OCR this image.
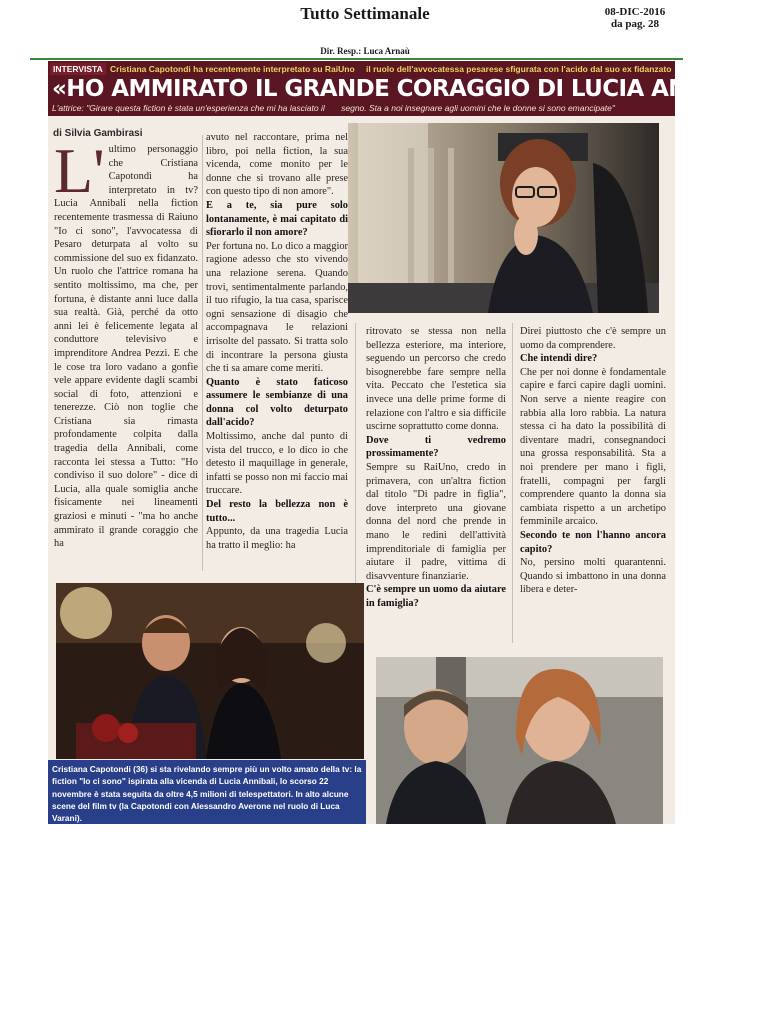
Tutto Settimanale	08-DIC-2016
da pag. 28
Dir. Resp.: Luca Arnaù
INTERVISTA Cristiana Capotondi ha recentemente interpretato su RaiUno il ruolo dell'avvocatessa pesarese sfigurata con l'acido dal suo ex fidanzato
«HO AMMIRATO IL GRANDE CORAGGIO DI LUCIA ANNIBALI»
L'attrice: "Girare questa fiction è stata un'esperienza che mi ha lasciato il segno. Sta a noi insegnare agli uomini che le donne si sono emancipate"
di Silvia Gambirasi
L' ultimo personaggio che Cristiana Capotondi ha interpretato in tv? Lucia Annibali nella fiction recentemente trasmessa di Raiuno "Io ci sono", l'avvocatessa di Pesaro deturpata al volto su commissione del suo ex fidanzato. Un ruolo che l'attrice romana ha sentito moltissimo, ma che, per fortuna, è distante anni luce dalla sua realtà. Già, perché da otto anni lei è felicemente legata al conduttore televisivo e imprenditore Andrea Pezzi. E che le cose tra loro vadano a gonfie vele appare evidente dagli scambi social di foto, attenzioni e tenerezze. Ciò non toglie che Cristiana sia rimasta profondamente colpita dalla tragedia della Annibali, come racconta lei stessa a Tutto: "Ho condiviso il suo dolore" - dice di Lucia, alla quale somiglia anche fisicamente nei lineamenti graziosi e minuti - "ma ho anche ammirato il grande coraggio che ha

avuto nel raccontare, prima nel libro, poi nella fiction, la sua vicenda, come monito per le donne che si trovano alle prese con questo tipo di non amore".

E a te, sia pure solo lontanamente, è mai capitato di sfiorarlo il non amore?

Per fortuna no. Lo dico a maggior ragione adesso che sto vivendo una relazione serena. Quando trovi, sentimentalmente parlando, il tuo rifugio, la tua casa, sparisce ogni sensazione di disagio che accompagnava le relazioni irrisolte del passato. Si tratta solo di incontrare la persona giusta che ti sa amare come meriti.

Quanto è stato faticoso assumere le sembianze di una donna col volto deturpato dall'acido?

Moltissimo, anche dal punto di vista del trucco, e lo dico io che detesto il maquillage in generale, infatti se posso non mi faccio mai truccare.

Del resto la bellezza non è tutto...

Appunto, da una tragedia Lucia ha tratto il meglio: ha

ritrovato se stessa non nella bellezza esteriore, ma interiore, seguendo un percorso che credo bisognerebbe fare sempre nella vita. Peccato che l'estetica sia invece una delle prime forme di relazione con l'altro e sia difficile uscirne soprattutto come donna.

Dove ti vedremo prossimamente?

Sempre su RaiUno, credo in primavera, con un'altra fiction dal titolo "Di padre in figlia", dove interpreto una giovane donna del nord che prende in mano le redini dell'attività imprenditoriale di famiglia per aiutare il padre, vittima di disavventure finanziarie.

C'è sempre un uomo da aiutare in famiglia?

Direi piuttosto che c'è sempre un uomo da comprendere.

Che intendi dire?

Che per noi donne è fondamentale capire e farci capire dagli uomini. Non serve a niente reagire con rabbia alla loro rabbia. La natura stessa ci ha dato la possibilità di diventare madri, consegnandoci una grossa responsabilità. Sta a noi prendere per mano i figli, fratelli, compagni per fargli comprendere quanto la donna sia cambiata rispetto a un archetipo femminile arcaico.

Secondo te non l'hanno ancora capito?

No, persino molti quarantenni. Quando si imbattono in una donna libera e deter-

Cristiana Capotondi (36) si sta rivelando sempre più un volto amato della tv: la fiction "Io ci sono" ispirata alla vicenda di Lucia Annibali, lo scorso 22 novembre è stata seguita da oltre 4,5 milioni di telespettatori. In alto alcune scene del film tv (la Capotondi con Alessandro Averone nel ruolo di Luca Varani).
